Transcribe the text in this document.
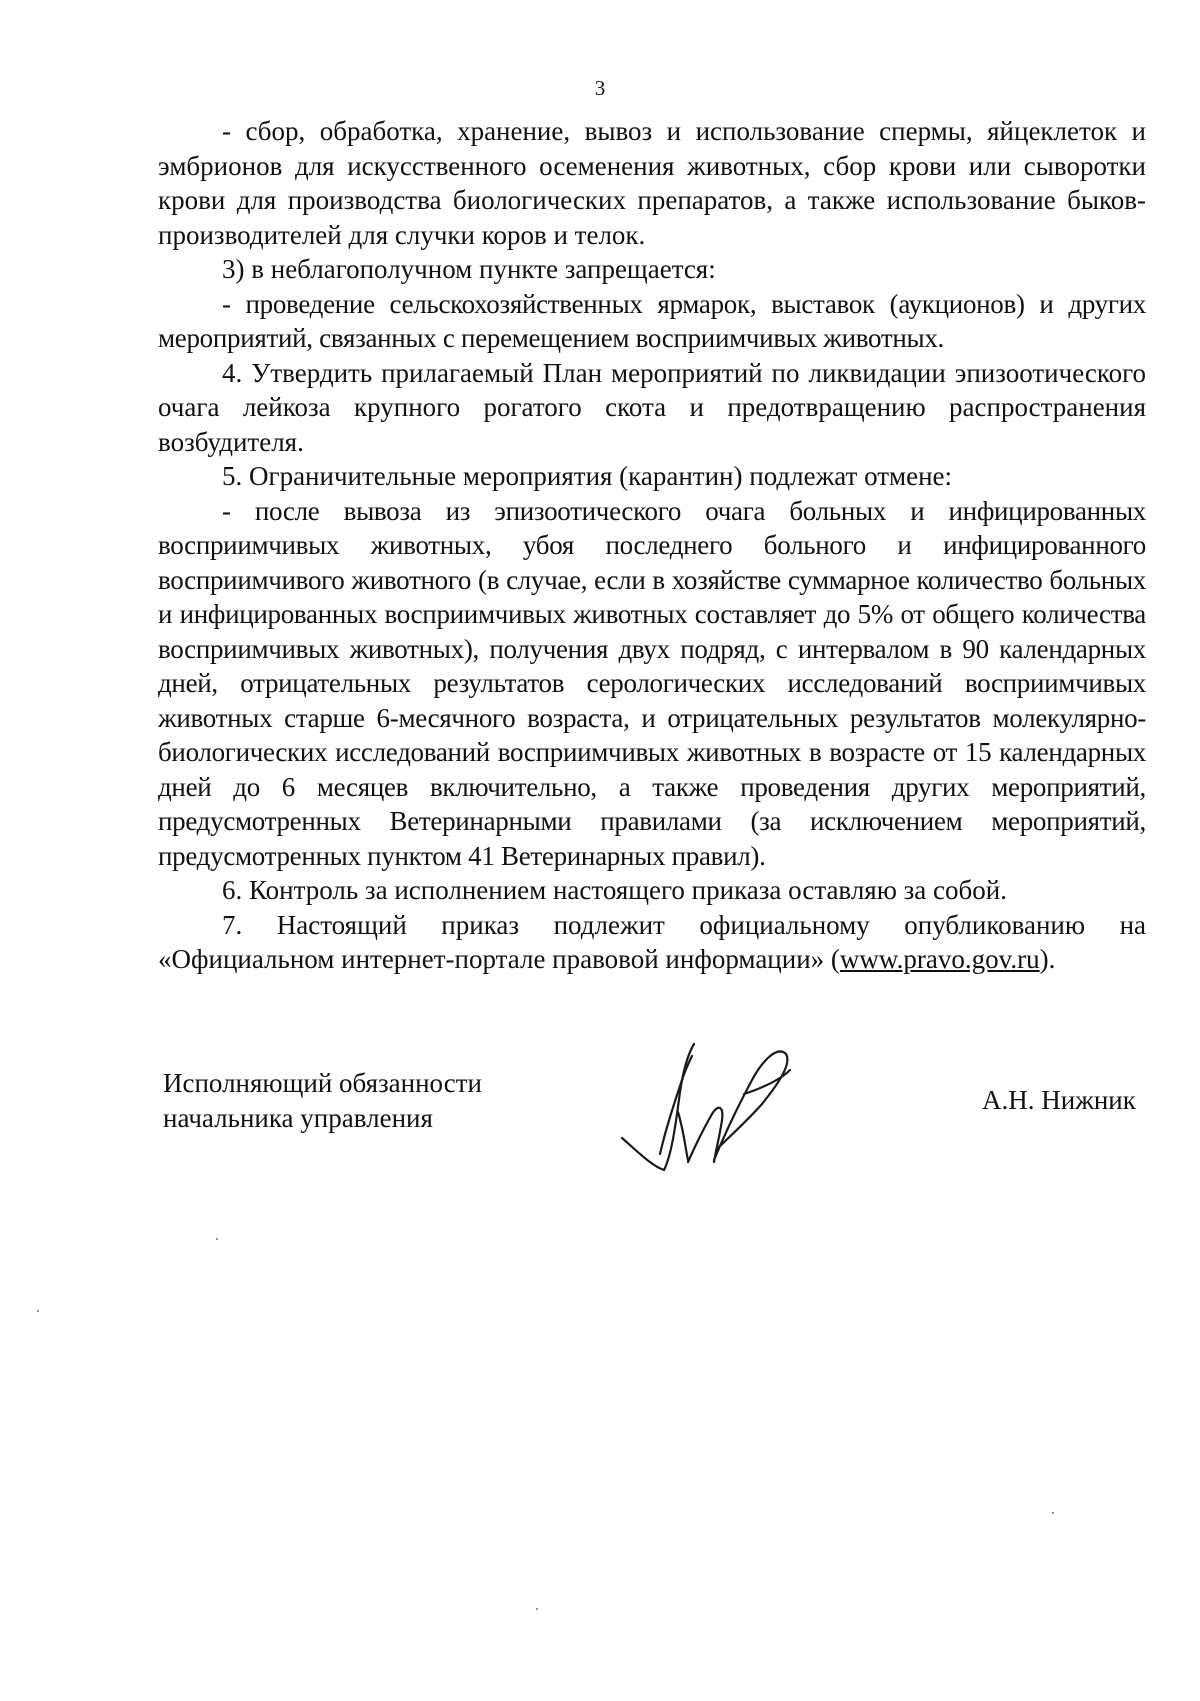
3

- сбор, обработка, хранение, вывоз и использование спермы, яйцеклеток и эмбрионов для искусственного осеменения животных, сбор крови или сыворотки крови для производства биологических препаратов, а также использование быков-производителей для случки коров и телок.

3) в неблагополучном пункте запрещается:

- проведение сельскохозяйственных ярмарок, выставок (аукционов) и других мероприятий, связанных с перемещением восприимчивых животных.

4. Утвердить прилагаемый План мероприятий по ликвидации эпизоотического очага лейкоза крупного рогатого скота и предотвращению распространения возбудителя.

5. Ограничительные мероприятия (карантин) подлежат отмене:

- после вывоза из эпизоотического очага больных и инфицированных восприимчивых животных, убоя последнего больного и инфицированного восприимчивого животного (в случае, если в хозяйстве суммарное количество больных и инфицированных восприимчивых животных составляет до 5% от общего количества восприимчивых животных), получения двух подряд, с интервалом в 90 календарных дней, отрицательных результатов серологических исследований восприимчивых животных старше 6-месячного возраста, и отрицательных результатов молекулярно-биологических исследований восприимчивых животных в возрасте от 15 календарных дней до 6 месяцев включительно, а также проведения других мероприятий, предусмотренных Ветеринарными правилами (за исключением мероприятий, предусмотренных пунктом 41 Ветеринарных правил).

6. Контроль за исполнением настоящего приказа оставляю за собой.

7. Настоящий приказ подлежит официальному опубликованию на «Официальном интернет-портале правовой информации» (www.pravo.gov.ru).

Исполняющий обязанности
начальника управления
А.Н. Нижник
